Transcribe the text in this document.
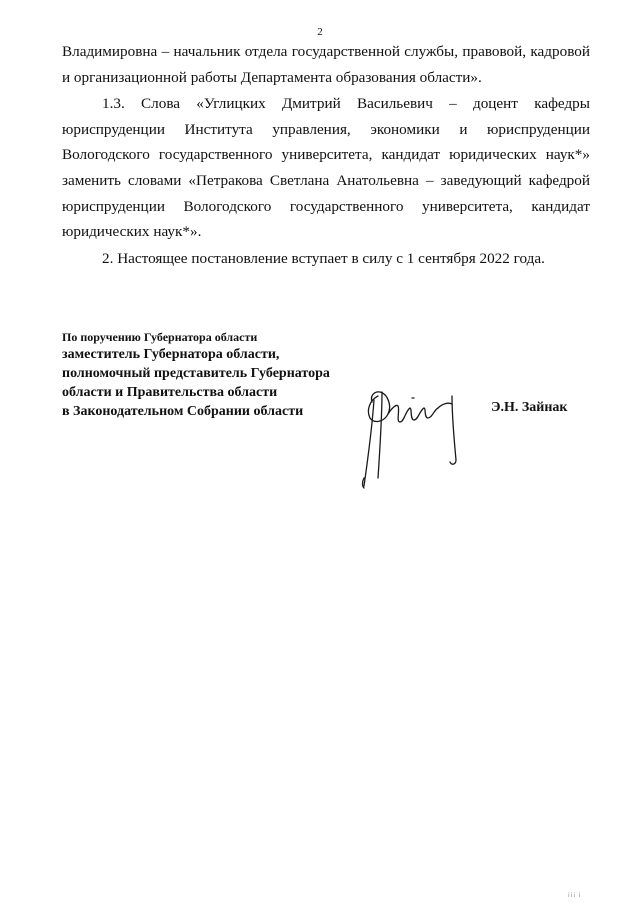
2

Владимировна – начальник отдела государственной службы, правовой, кадровой и организационной работы Департамента образования области».

1.3. Слова «Углицких Дмитрий Васильевич – доцент кафедры юриспруденции Института управления, экономики и юриспруденции Вологодского государственного университета, кандидат юридических наук*» заменить словами «Петракова Светлана Анатольевна – заведующий кафедрой юриспруденции Вологодского государственного университета, кандидат юридических наук*».

2. Настоящее постановление вступает в силу с 1 сентября 2022 года.

По поручению Губернатора области
заместитель Губернатора области,
полномочный представитель Губернатора
области и Правительства области
в Законодательном Собрании области	Э.Н. Зайнак
⁞⁞⁞ ⁞
